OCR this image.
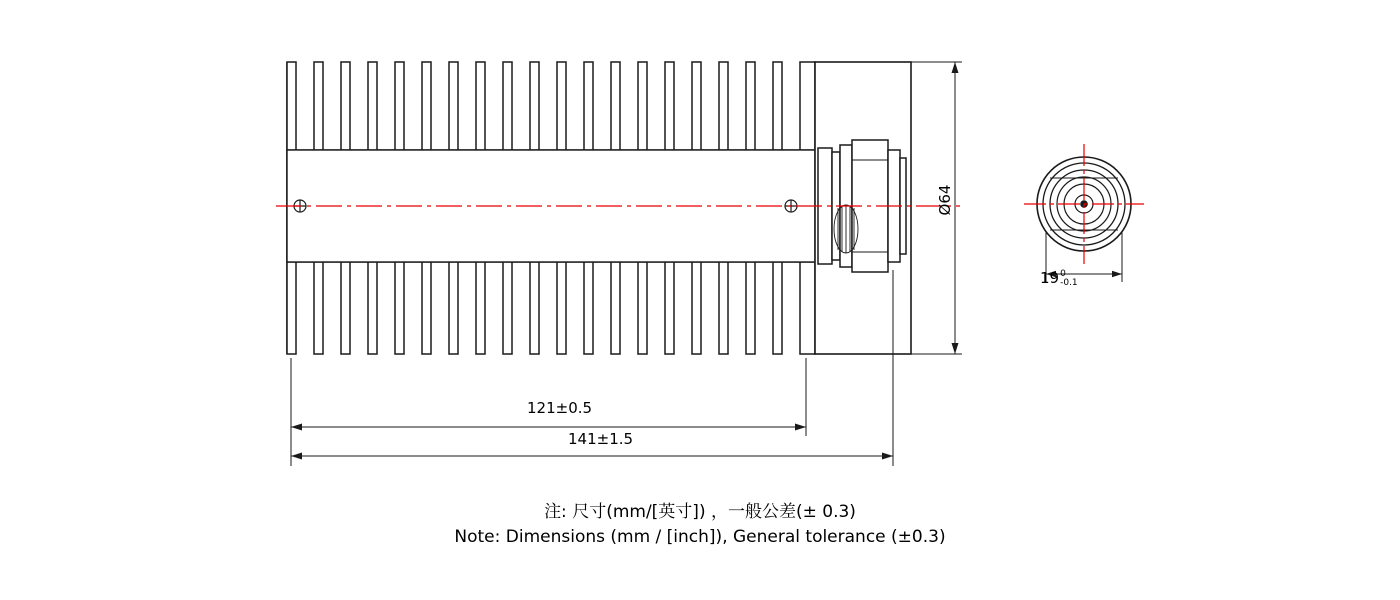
121±0.5
141±1.5
Ø64
19 0
-0.1
注: 尺寸(mm/[英寸]) ，一般公差(± 0.3)
Note: Dimensions (mm / [inch]), General tolerance (±0.3)
